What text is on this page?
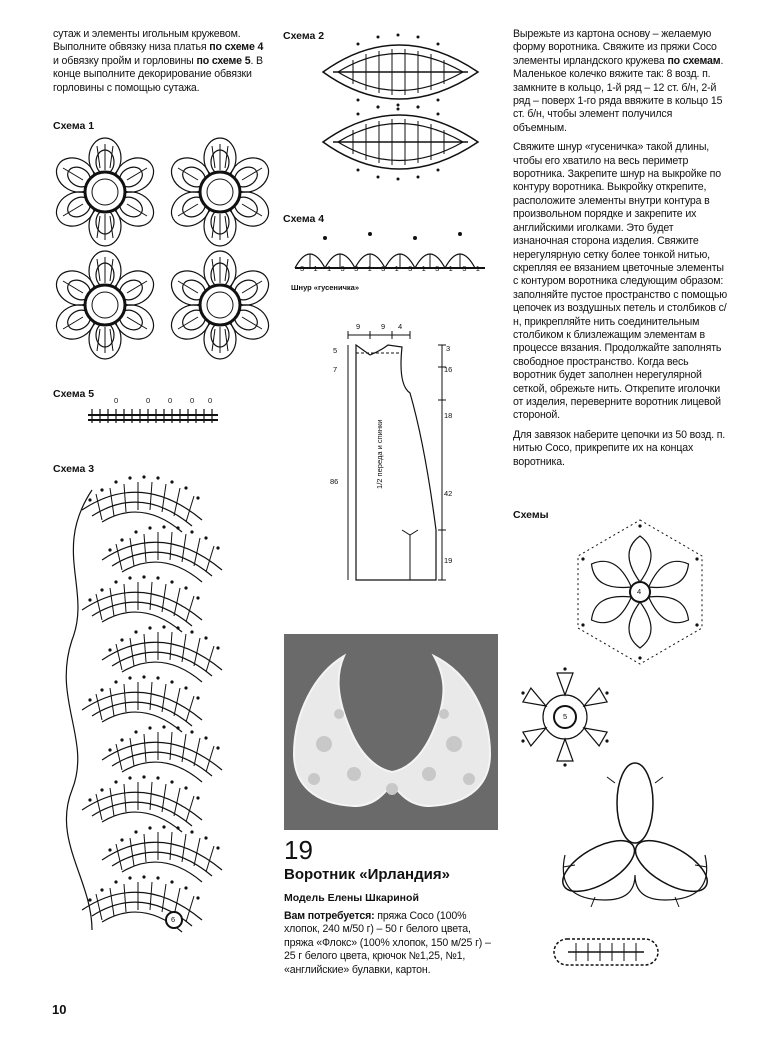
сутаж и элементы игольным кружевом. Выполните обвязку низа платья по схеме 4 и обвязку пройм и горловины по схеме 5. В конце выполните декорирование обвязки горловины с помощью сутажа.
Схема 1
Схема 5
Схема 3
Схема 2
Схема 4
Схемы
0	0 0 0 0
6
3 1 1 3 3 1 3 1 3 1 3 1 3 1
Шнур «гусеничка»
9	9 4
5
7
86
3
16
18
42
19
1/2 переда и спинки
19
Воротник «Ирландия»
Модель Елены Шкариной
Вам потребуется: пряжа Coco (100% хлопок, 240 м/50 г) – 50 г белого цвета, пряжа «Флокс» (100% хлопок, 150 м/25 г) – 25 г белого цвета, крючок №1,25, №1, «английские» булавки, картон.

Вырежьте из картона основу – желаемую форму воротника. Свяжите из пряжи Coco элементы ирландского кружева по схемам. Маленькое колечко вяжите так: 8 возд. п. замкните в кольцо, 1-й ряд – 12 ст. б/н, 2-й ряд – поверх 1-го ряда ввяжите в кольцо 15 ст. б/н, чтобы элемент получился объемным.

Свяжите шнур «гусеничка» такой длины, чтобы его хватило на весь периметр воротника. Закрепите шнур на выкройке по контуру воротника. Выкройку открепите, расположите элементы внутри контура в произвольном порядке и закрепите их английскими иголками. Это будет изнаночная сторона изделия. Свяжите нерегулярную сетку более тонкой нитью, скрепляя ее вязанием цветочные элементы с контуром воротника следующим образом: заполняйте пустое пространство с помощью цепочек из воздушных петель и столбиков с/н, прикрепляйте нить соединительным столбиком к близлежащим элементам в процессе вязания. Продолжайте заполнять свободное пространство. Когда весь воротник будет заполнен нерегулярной сеткой, обрежьте нить. Открепите иголочки от изделия, переверните воротник лицевой стороной.

Для завязок наберите цепочки из 50 возд. п. нитью Coco, прикрепите их на концах воротника.

4
5
10
